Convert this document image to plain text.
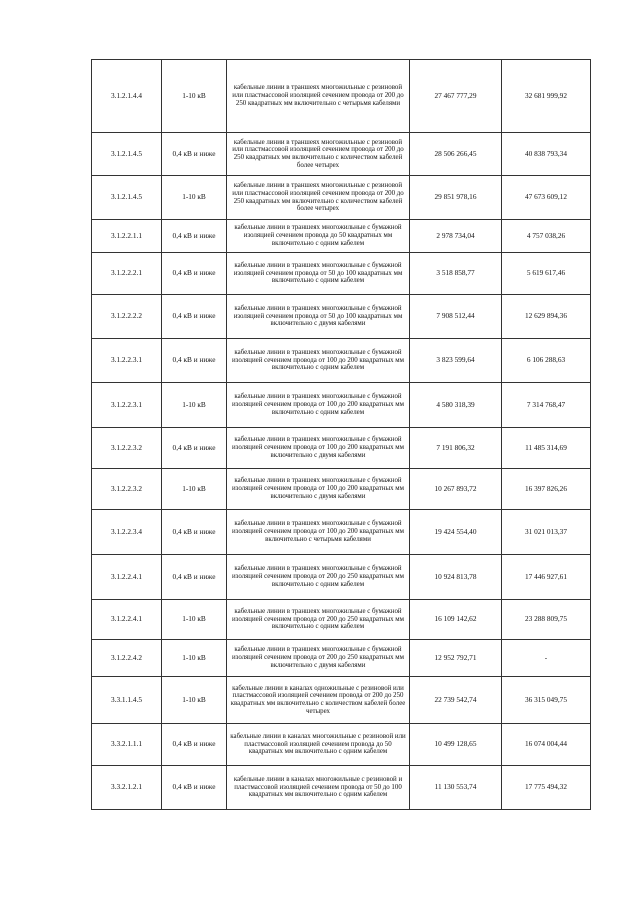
3.1.2.1.4.4	1-10 кВ	кабельные линии в траншеях многожильные с резиновой или пластмассовой изоляцией сечением провода от 200 до 250 квадратных мм включительно с четырьмя кабелями	27 467 777,29	32 681 999,92
3.1.2.1.4.5	0,4 кВ и ниже	кабельные линии в траншеях многожильные с резиновой или пластмассовой изоляцией сечением провода от 200 до 250 квадратных мм включительно с количеством кабелей более четырех	28 506 266,45	40 838 793,34
3.1.2.1.4.5	1-10 кВ	кабельные линии в траншеях многожильные с резиновой или пластмассовой изоляцией сечением провода от 200 до 250 квадратных мм включительно с количеством кабелей более четырех	29 851 978,16	47 673 609,12
3.1.2.2.1.1	0,4 кВ и ниже	кабельные линии в траншеях многожильные с бумажной изоляцией сечением провода до 50 квадратных мм включительно с одним кабелем	2 978 734,04	4 757 038,26
3.1.2.2.2.1	0,4 кВ и ниже	кабельные линии в траншеях многожильные с бумажной изоляцией сечением провода от 50 до 100 квадратных мм включительно с одним кабелем	3 518 858,77	5 619 617,46
3.1.2.2.2.2	0,4 кВ и ниже	кабельные линии в траншеях многожильные с бумажной изоляцией сечением провода от 50 до 100 квадратных мм включительно с двумя кабелями	7 908 512,44	12 629 894,36
3.1.2.2.3.1	0,4 кВ и ниже	кабельные линии в траншеях многожильные с бумажной изоляцией сечением провода от 100 до 200 квадратных мм включительно с одним кабелем	3 823 599,64	6 106 288,63
3.1.2.2.3.1	1-10 кВ	кабельные линии в траншеях многожильные с бумажной изоляцией сечением провода от 100 до 200 квадратных мм включительно с одним кабелем	4 580 318,39	7 314 768,47
3.1.2.2.3.2	0,4 кВ и ниже	кабельные линии в траншеях многожильные с бумажной изоляцией сечением провода от 100 до 200 квадратных мм включительно с двумя кабелями	7 191 806,32	11 485 314,69
3.1.2.2.3.2	1-10 кВ	кабельные линии в траншеях многожильные с бумажной изоляцией сечением провода от 100 до 200 квадратных мм включительно с двумя кабелями	10 267 893,72	16 397 826,26
3.1.2.2.3.4	0,4 кВ и ниже	кабельные линии в траншеях многожильные с бумажной изоляцией сечением провода от 100 до 200 квадратных мм включительно с четырьмя кабелями	19 424 554,40	31 021 013,37
3.1.2.2.4.1	0,4 кВ и ниже	кабельные линии в траншеях многожильные с бумажной изоляцией сечением провода от 200 до 250 квадратных мм включительно с одним кабелем	10 924 813,78	17 446 927,61
3.1.2.2.4.1	1-10 кВ	кабельные линии в траншеях многожильные с бумажной изоляцией сечением провода от 200 до 250 квадратных мм включительно с одним кабелем	16 109 142,62	23 288 809,75
3.1.2.2.4.2	1-10 кВ	кабельные линии в траншеях многожильные с бумажной изоляцией сечением провода от 200 до 250 квадратных мм включительно с двумя кабелями	12 952 792,71	-
3.3.1.1.4.5	1-10 кВ	кабельные линии в каналах одножильные с резиновой или пластмассовой изоляцией сечением провода от 200 до 250 квадратных мм включительно с количеством кабелей более четырех	22 739 542,74	36 315 049,75
3.3.2.1.1.1	0,4 кВ и ниже	кабельные линии в каналах многожильные с резиновой или пластмассовой изоляцией сечением провода до 50 квадратных мм включительно с одним кабелем	10 499 128,65	16 074 004,44
3.3.2.1.2.1	0,4 кВ и ниже	кабельные линии в каналах многожильные с резиновой и пластмассовой изоляцией сечением провода от 50 до 100 квадратных мм включительно с одним кабелем	11 130 553,74	17 775 494,32
